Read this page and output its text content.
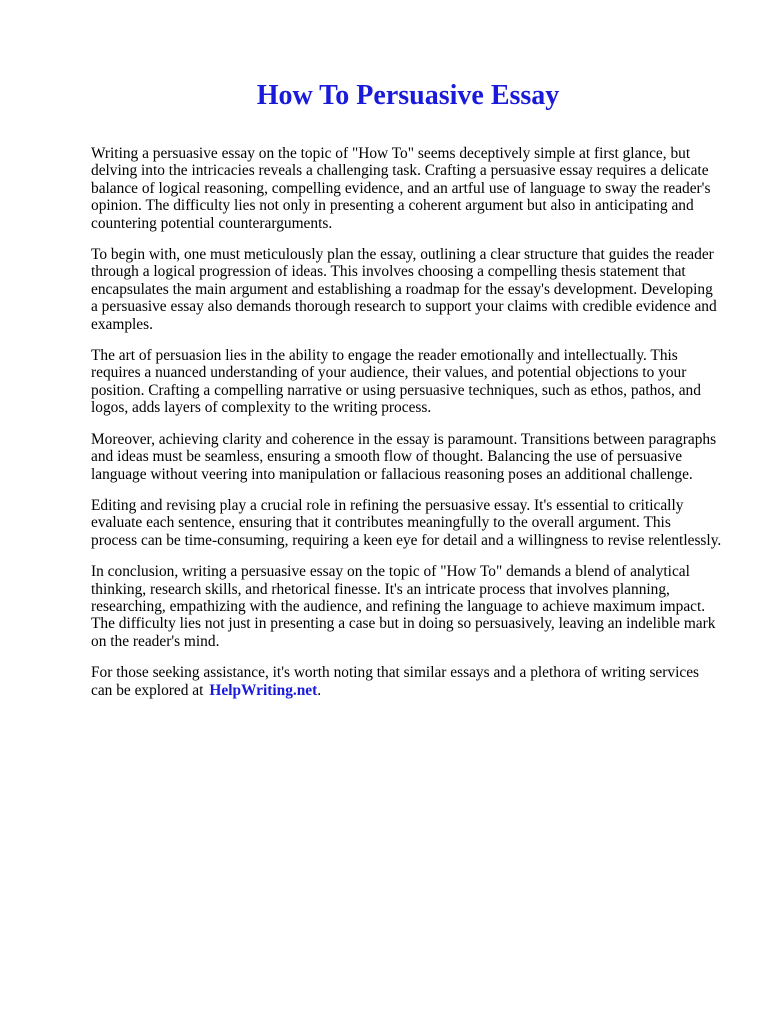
How To Persuasive Essay

Writing a persuasive essay on the topic of "How To" seems deceptively simple at first glance, but
delving into the intricacies reveals a challenging task. Crafting a persuasive essay requires a delicate
balance of logical reasoning, compelling evidence, and an artful use of language to sway the reader's
opinion. The difficulty lies not only in presenting a coherent argument but also in anticipating and
countering potential counterarguments.

To begin with, one must meticulously plan the essay, outlining a clear structure that guides the reader
through a logical progression of ideas. This involves choosing a compelling thesis statement that
encapsulates the main argument and establishing a roadmap for the essay's development. Developing
a persuasive essay also demands thorough research to support your claims with credible evidence and
examples.

The art of persuasion lies in the ability to engage the reader emotionally and intellectually. This
requires a nuanced understanding of your audience, their values, and potential objections to your
position. Crafting a compelling narrative or using persuasive techniques, such as ethos, pathos, and
logos, adds layers of complexity to the writing process.

Moreover, achieving clarity and coherence in the essay is paramount. Transitions between paragraphs
and ideas must be seamless, ensuring a smooth flow of thought. Balancing the use of persuasive
language without veering into manipulation or fallacious reasoning poses an additional challenge.

Editing and revising play a crucial role in refining the persuasive essay. It's essential to critically
evaluate each sentence, ensuring that it contributes meaningfully to the overall argument. This
process can be time-consuming, requiring a keen eye for detail and a willingness to revise relentlessly.

In conclusion, writing a persuasive essay on the topic of "How To" demands a blend of analytical
thinking, research skills, and rhetorical finesse. It's an intricate process that involves planning,
researching, empathizing with the audience, and refining the language to achieve maximum impact.
The difficulty lies not just in presenting a case but in doing so persuasively, leaving an indelible mark
on the reader's mind.

For those seeking assistance, it's worth noting that similar essays and a plethora of writing services
can be explored at HelpWriting.net.
